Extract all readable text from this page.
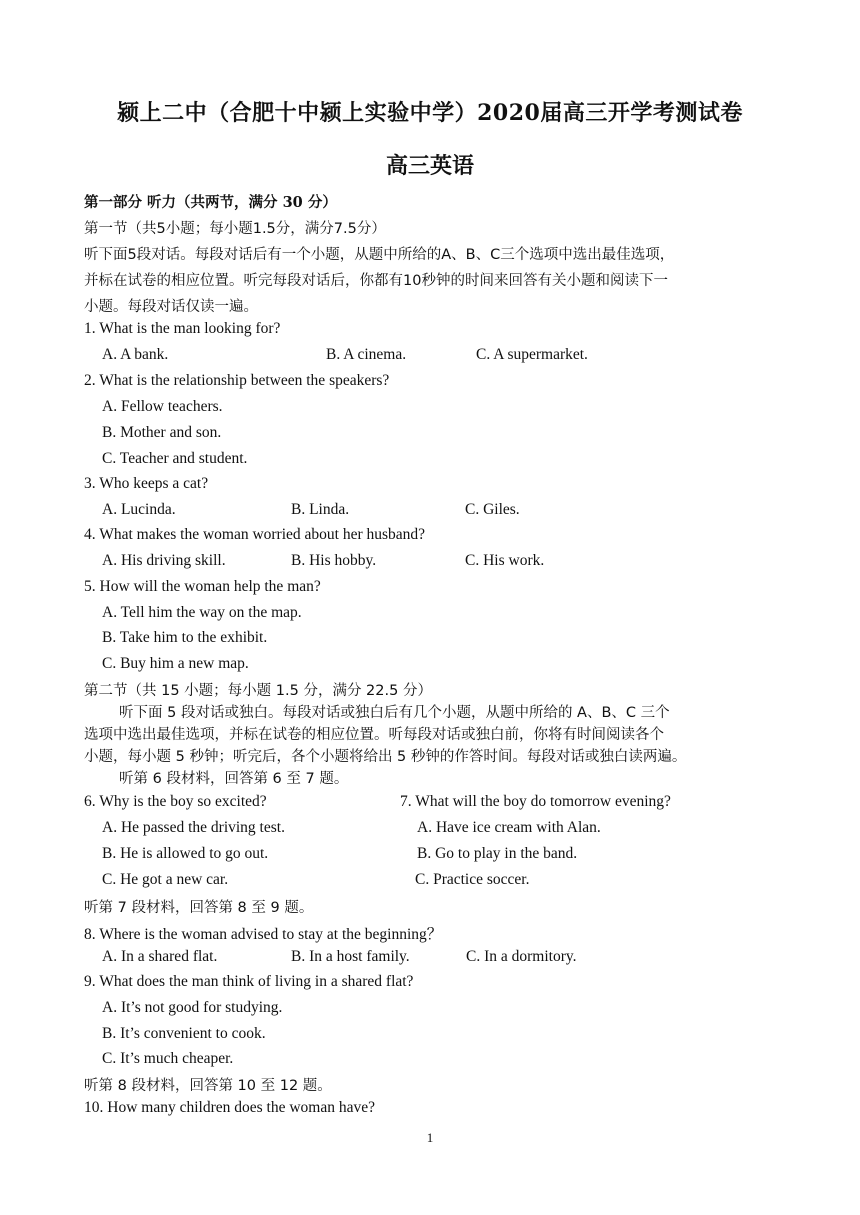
颍上二中（合肥十中颍上实验中学）2020届高三开学考测试卷
高三英语
第一部分 听力（共两节，满分 30 分）
第一节（共5小题；每小题1.5分，满分7.5分）
听下面5段对话。每段对话后有一个小题，从题中所给的A、B、C三个选项中选出最佳选项，
并标在试卷的相应位置。听完每段对话后，你都有10秒钟的时间来回答有关小题和阅读下一
小题。每段对话仅读一遍。
1. What is the man looking for?
A. A bank.	B. A cinema.	C. A supermarket.
2. What is the relationship between the speakers?
A. Fellow teachers.
B. Mother and son.
C. Teacher and student.
3. Who keeps a cat?
A. Lucinda.	B. Linda.	C. Giles.
4. What makes the woman worried about her husband?
A. His driving skill.	B. His hobby.	C. His work.
5. How will the woman help the man?
A. Tell him the way on the map.
B. Take him to the exhibit.
C. Buy him a new map.
第二节（共 15 小题；每小题 1.5 分，满分 22.5 分）
听下面 5 段对话或独白。每段对话或独白后有几个小题，从题中所给的 A、B、C 三个
选项中选出最佳选项，并标在试卷的相应位置。听每段对话或独白前，你将有时间阅读各个
小题，每小题 5 秒钟；听完后，各个小题将给出 5 秒钟的作答时间。每段对话或独白读两遍。
听第 6 段材料，回答第 6 至 7 题。
6. Why is the boy so excited?	7. What will the boy do tomorrow evening?
A. He passed the driving test.	A. Have ice cream with Alan.
B. He is allowed to go out.	B. Go to play in the band.
C. He got a new car.	C. Practice soccer.
听第 7 段材料，回答第 8 至 9 题。
8. Where is the woman advised to stay at the beginning？
A. In a shared flat.	B. In a host family.	C. In a dormitory.
9. What does the man think of living in a shared flat?
A. It’s not good for studying.
B. It’s convenient to cook.
C. It’s much cheaper.
听第 8 段材料，回答第 10 至 12 题。
10. How many children does the woman have?
1
